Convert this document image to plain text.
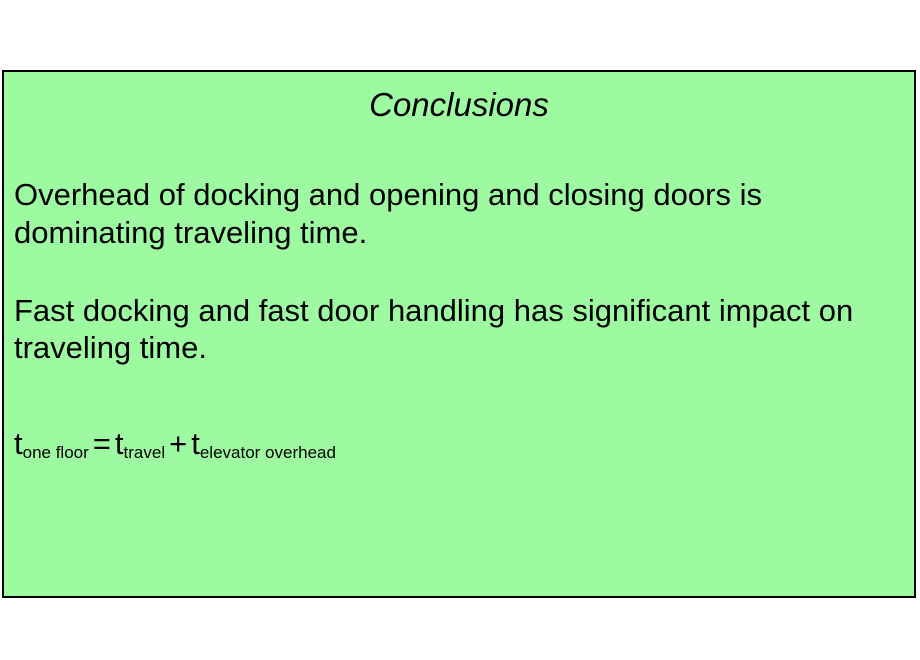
Conclusions
Overhead of docking and opening and closing doors is dominating traveling time.
Fast docking and fast door handling has significant impact on traveling time.
$t_{one floor} = t_{travel} + t_{elevator overhead}$
